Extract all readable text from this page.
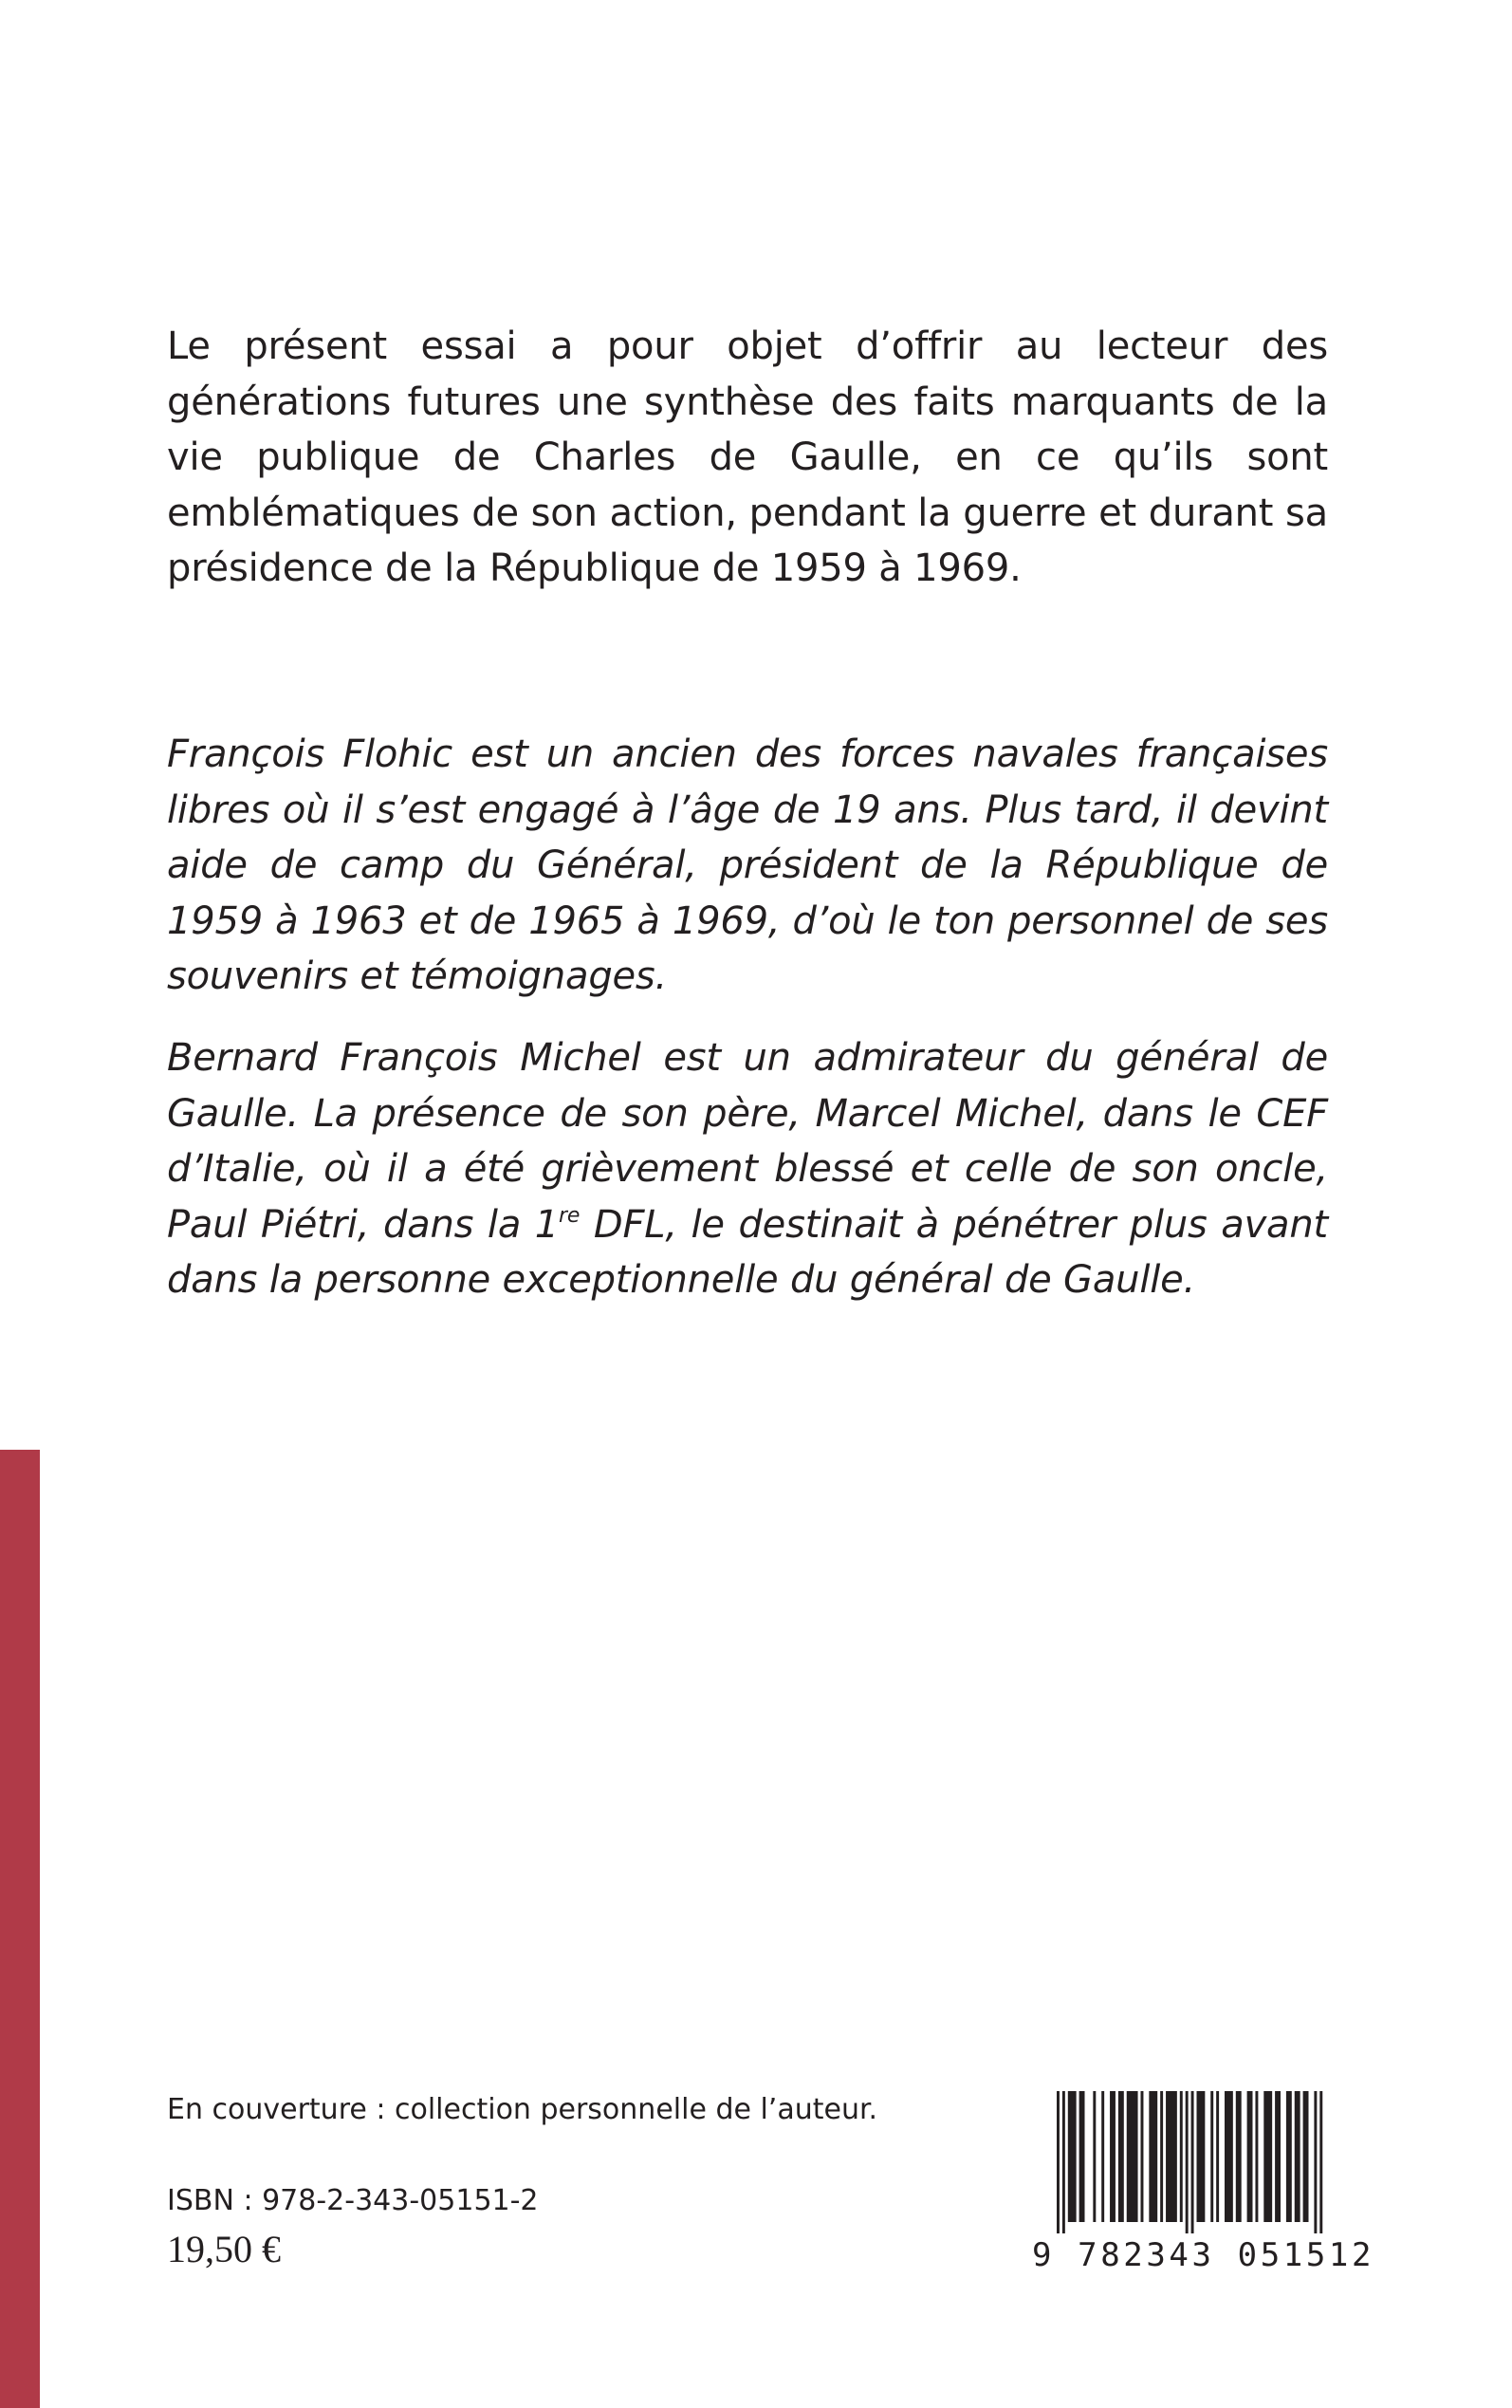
Le présent essai a pour objet d’offrir au lecteur des générations futures une synthèse des faits marquants de la vie publique de Charles de Gaulle, en ce qu’ils sont emblématiques de son action, pendant la guerre et durant sa présidence de la République de 1959 à 1969.

François Flohic est un ancien des forces navales françaises libres où il s’est engagé à l’âge de 19 ans. Plus tard, il devint aide de camp du Général, président de la République de 1959 à 1963 et de 1965 à 1969, d’où le ton personnel de ses souvenirs et témoignages.

Bernard François Michel est un admirateur du général de Gaulle. La présence de son père, Marcel Michel, dans le CEF d’Italie, où il a été grièvement blessé et celle de son oncle, Paul Piétri, dans la 1re DFL, le destinait à pénétrer plus avant dans la personne exceptionnelle du général de Gaulle.

En couverture : collection personnelle de l’auteur.

ISBN : 978-2-343-05151-2

19,50 €	9 782343 051512
